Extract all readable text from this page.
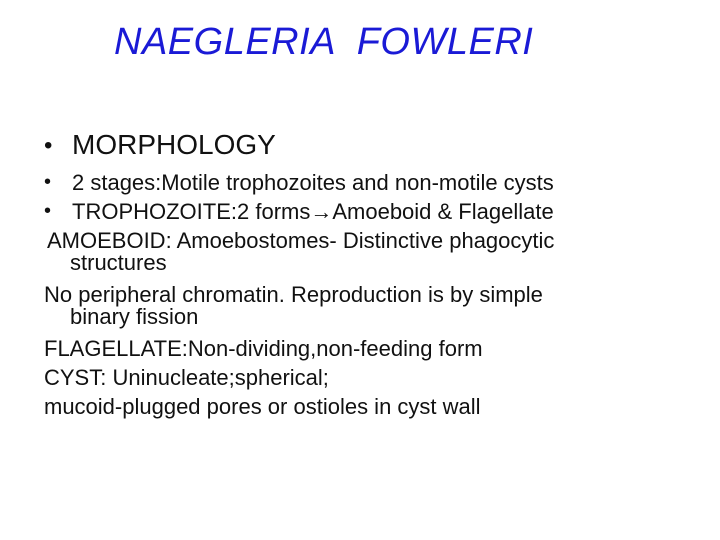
NAEGLERIA  FOWLERI
• MORPHOLOGY
• 2 stages:Motile trophozoites and non-motile cysts
• TROPHOZOITE:2 forms→Amoeboid & Flagellate
AMOEBOID: Amoebostomes- Distinctive phagocytic
structures
No peripheral chromatin. Reproduction is by simple
binary fission
FLAGELLATE:Non-dividing,non-feeding form
CYST: Uninucleate;spherical;
mucoid-plugged pores or ostioles in cyst wall
